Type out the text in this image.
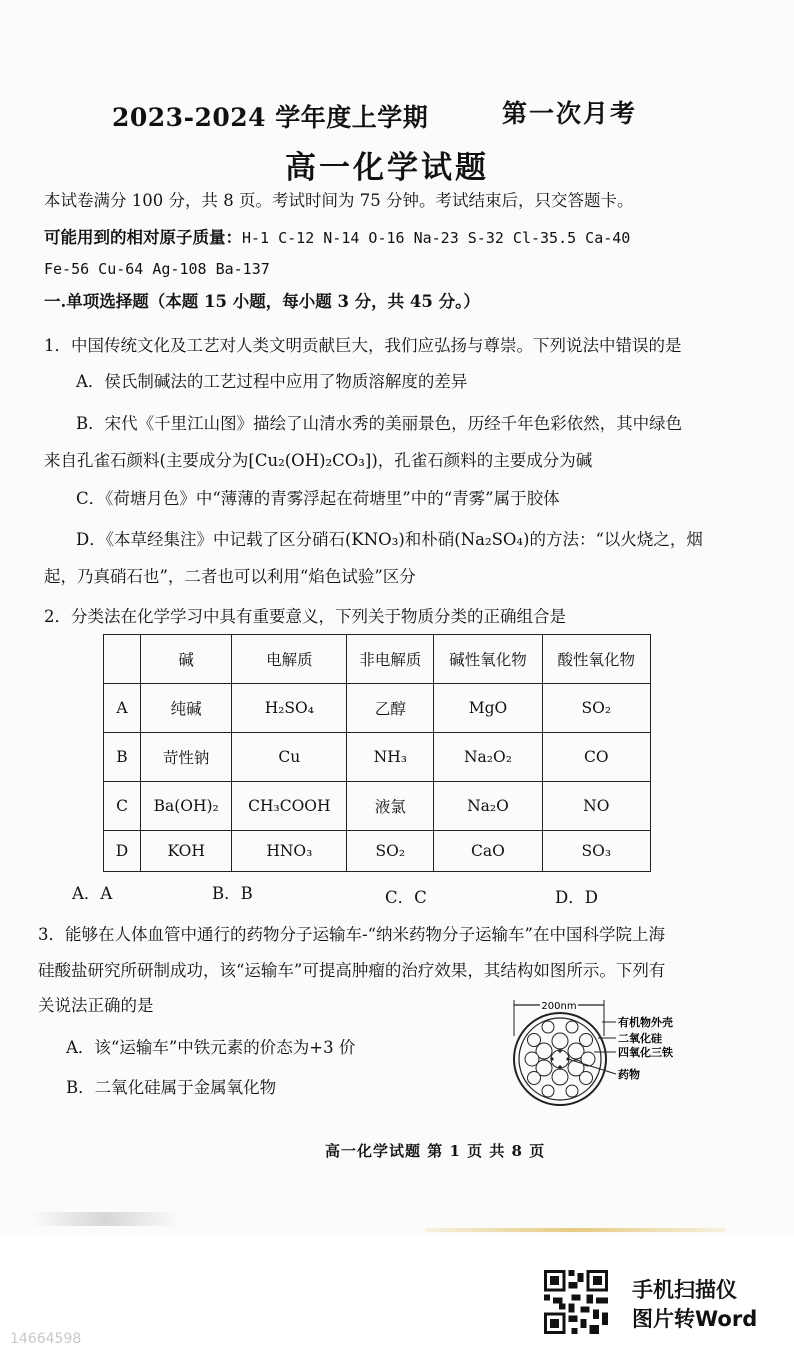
2023-2024 学年度上学期	第一次月考
高一化学试题
本试卷满分 100 分，共 8 页。考试时间为 75 分钟。考试结束后，只交答题卡。
可能用到的相对原子质量：H-1 C-12 N-14 O-16 Na-23 S-32 Cl-35.5 Ca-40
Fe-56 Cu-64 Ag-108 Ba-137
一.单项选择题（本题 15 小题，每小题 3 分，共 45 分。）
1．中国传统文化及工艺对人类文明贡献巨大，我们应弘扬与尊崇。下列说法中错误的是
A．侯氏制碱法的工艺过程中应用了物质溶解度的差异
B．宋代《千里江山图》描绘了山清水秀的美丽景色，历经千年色彩依然，其中绿色
来自孔雀石颜料(主要成分为[Cu₂(OH)₂CO₃])，孔雀石颜料的主要成分为碱
C．《荷塘月色》中“薄薄的青雾浮起在荷塘里”中的“青雾”属于胶体
D．《本草经集注》中记载了区分硝石(KNO₃)和朴硝(Na₂SO₄)的方法：“以火烧之，烟
起，乃真硝石也”，二者也可以利用“焰色试验”区分
2．分类法在化学学习中具有重要意义，下列关于物质分类的正确组合是
	碱	电解质	非电解质	碱性氧化物	酸性氧化物
A	纯碱	H₂SO₄	乙醇	MgO	SO₂
B	苛性钠	Cu	NH₃	Na₂O₂	CO
C	Ba(OH)₂	CH₃COOH	液氯	Na₂O	NO
D	KOH	HNO₃	SO₂	CaO	SO₃
A．A	B．B	C．C	D．D
3．能够在人体血管中通行的药物分子运输车-“纳米药物分子运输车”在中国科学院上海
硅酸盐研究所研制成功，该“运输车”可提高肿瘤的治疗效果，其结构如图所示。下列有
关说法正确的是
A．该“运输车”中铁元素的价态为+3 价
B．二氧化硅属于金属氧化物
200nm
有机物外壳
二氧化硅
四氧化三铁
药物
高一化学试题 第 1 页 共 8 页
手机扫描仪
图片转Word
14664598
